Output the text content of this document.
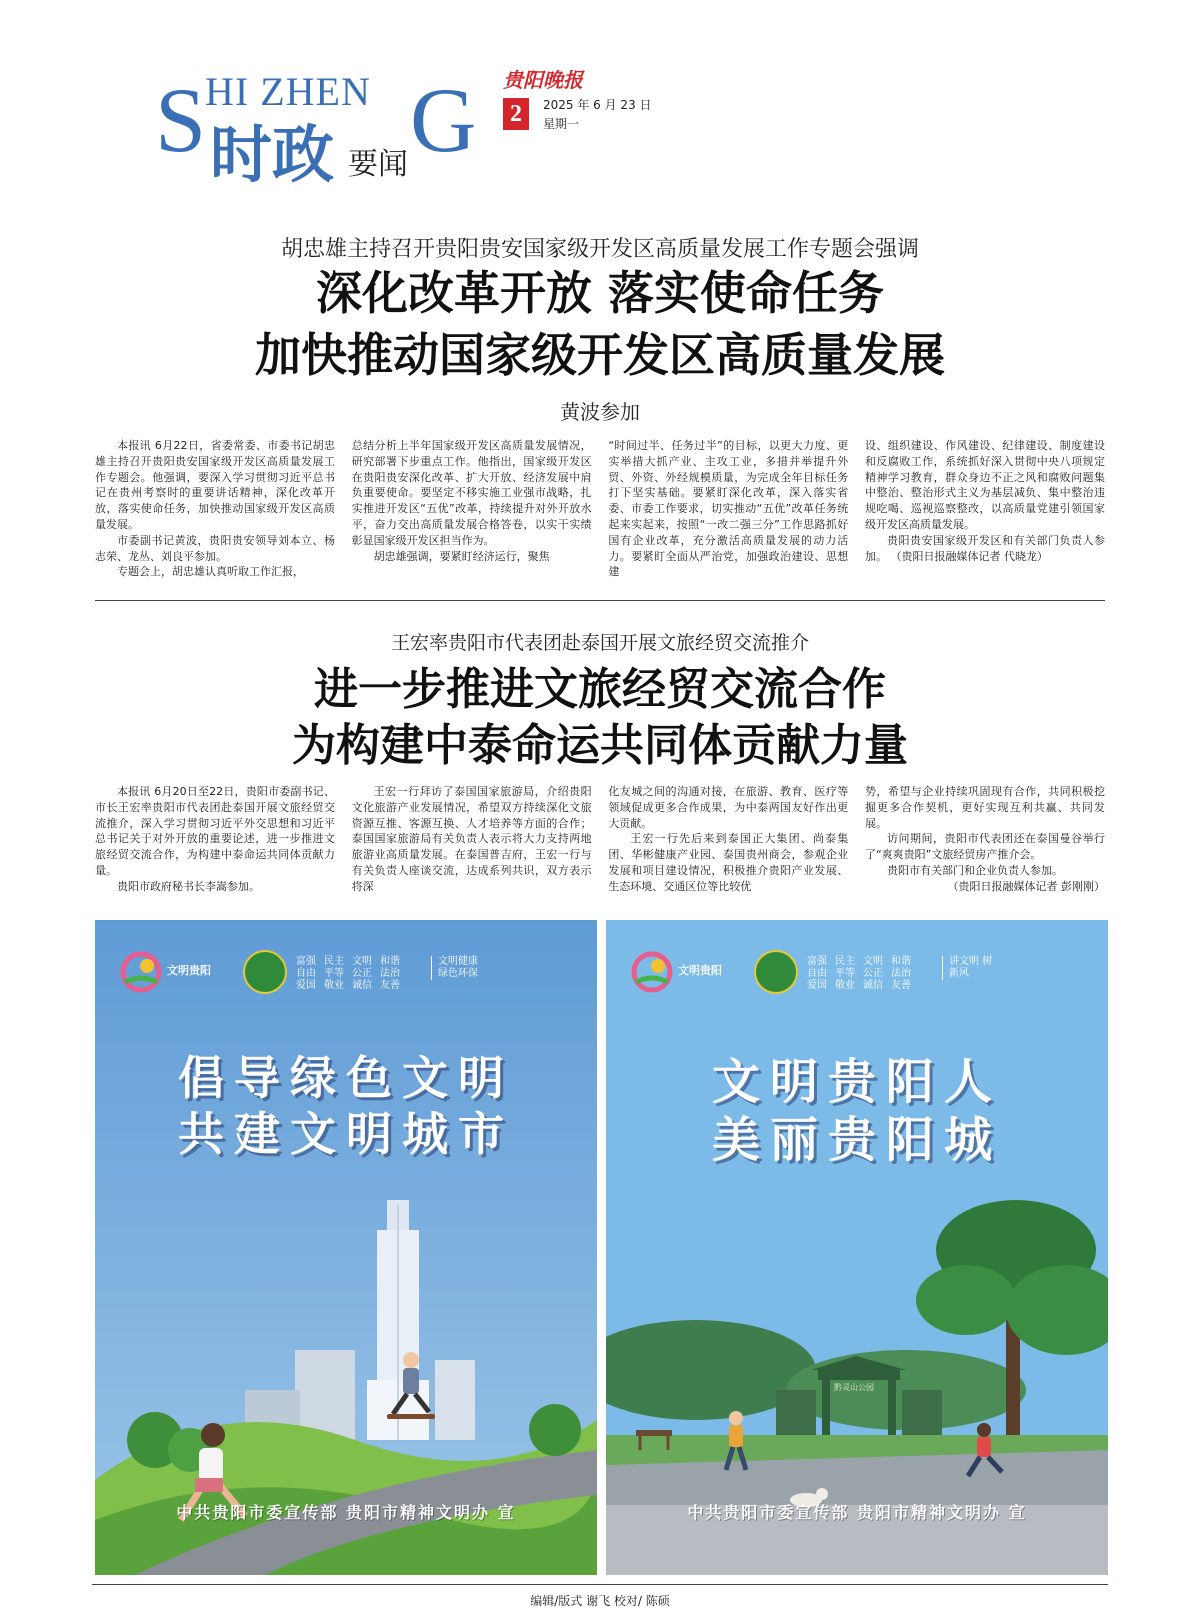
S
HI ZHEN G
时政 要闻
贵阳晚报
2	2025 年 6 月 23 日
星期一
胡忠雄主持召开贵阳贵安国家级开发区高质量发展工作专题会强调
深化改革开放 落实使命任务
加快推动国家级开发区高质量发展
黄波参加

本报讯 6月22日，省委常委、市委书记胡忠雄主持召开贵阳贵安国家级开发区高质量发展工作专题会。他强调，要深入学习贯彻习近平总书记在贵州考察时的重要讲话精神，深化改革开放，落实使命任务，加快推动国家级开发区高质量发展。

市委副书记黄波，贵阳贵安领导刘本立、杨志荣、龙丛、刘良平参加。

专题会上，胡忠雄认真听取工作汇报，

总结分析上半年国家级开发区高质量发展情况，研究部署下步重点工作。他指出，国家级开发区在贵阳贵安深化改革、扩大开放、经济发展中肩负重要使命。要坚定不移实施工业强市战略，扎实推进开发区“五优”改革，持续提升对外开放水平，奋力交出高质量发展合格答卷，以实干实绩彰显国家级开发区担当作为。

胡忠雄强调，要紧盯经济运行，聚焦

“时间过半、任务过半”的目标，以更大力度、更实举措大抓产业、主攻工业，多措并举提升外贸、外资、外经规模质量，为完成全年目标任务打下坚实基础。要紧盯深化改革，深入落实省委、市委工作要求，切实推动“五优”改革任务统起来实起来，按照“一改二强三分”工作思路抓好国有企业改革，充分激活高质量发展的动力活力。要紧盯全面从严治党，加强政治建设、思想建

设、组织建设、作风建设、纪律建设、制度建设和反腐败工作，系统抓好深入贯彻中央八项规定精神学习教育，群众身边不正之风和腐败问题集中整治、整治形式主义为基层减负、集中整治违规吃喝、巡视巡察整改，以高质量党建引领国家级开发区高质量发展。

贵阳贵安国家级开发区和有关部门负责人参加。 （贵阳日报融媒体记者 代晓龙）

王宏率贵阳市代表团赴泰国开展文旅经贸交流推介
进一步推进文旅经贸交流合作
为构建中泰命运共同体贡献力量

本报讯 6月20日至22日，贵阳市委副书记、市长王宏率贵阳市代表团赴泰国开展文旅经贸交流推介，深入学习贯彻习近平外交思想和习近平总书记关于对外开放的重要论述，进一步推进文旅经贸交流合作，为构建中泰命运共同体贡献力量。

贵阳市政府秘书长李嵩参加。

王宏一行拜访了泰国国家旅游局，介绍贵阳文化旅游产业发展情况，希望双方持续深化文旅资源互推、客源互换、人才培养等方面的合作；泰国国家旅游局有关负责人表示将大力支持两地旅游业高质量发展。在泰国普吉府，王宏一行与有关负责人座谈交流，达成系列共识，双方表示将深

化友城之间的沟通对接，在旅游、教育、医疗等领域促成更多合作成果，为中泰两国友好作出更大贡献。

王宏一行先后来到泰国正大集团、尚泰集团、华彬健康产业园、泰国贵州商会，参观企业发展和项目建设情况，积极推介贵阳产业发展、生态环境、交通区位等比较优

势，希望与企业持续巩固现有合作，共同积极挖掘更多合作契机，更好实现互利共赢、共同发展。

访问期间，贵阳市代表团还在泰国曼谷举行了“爽爽贵阳”文旅经贸房产推介会。

贵阳市有关部门和企业负责人参加。

（贵阳日报融媒体记者 彭刚刚）

文明贵阳
富强
自由
爱国
民主
平等
敬业
文明
公正
诚信
和谐
法治
友善
文明健康 绿色环保
倡导绿色文明
共建文明城市
中共贵阳市委宣传部 贵阳市精神文明办 宣
黔灵山公园
文明贵阳
富强
自由
爱国
民主
平等
敬业
文明
公正
诚信
和谐
法治
友善
讲文明 树新风
文明贵阳人
美丽贵阳城
中共贵阳市委宣传部 贵阳市精神文明办 宣
编辑/版式 谢飞 校对/ 陈硕
